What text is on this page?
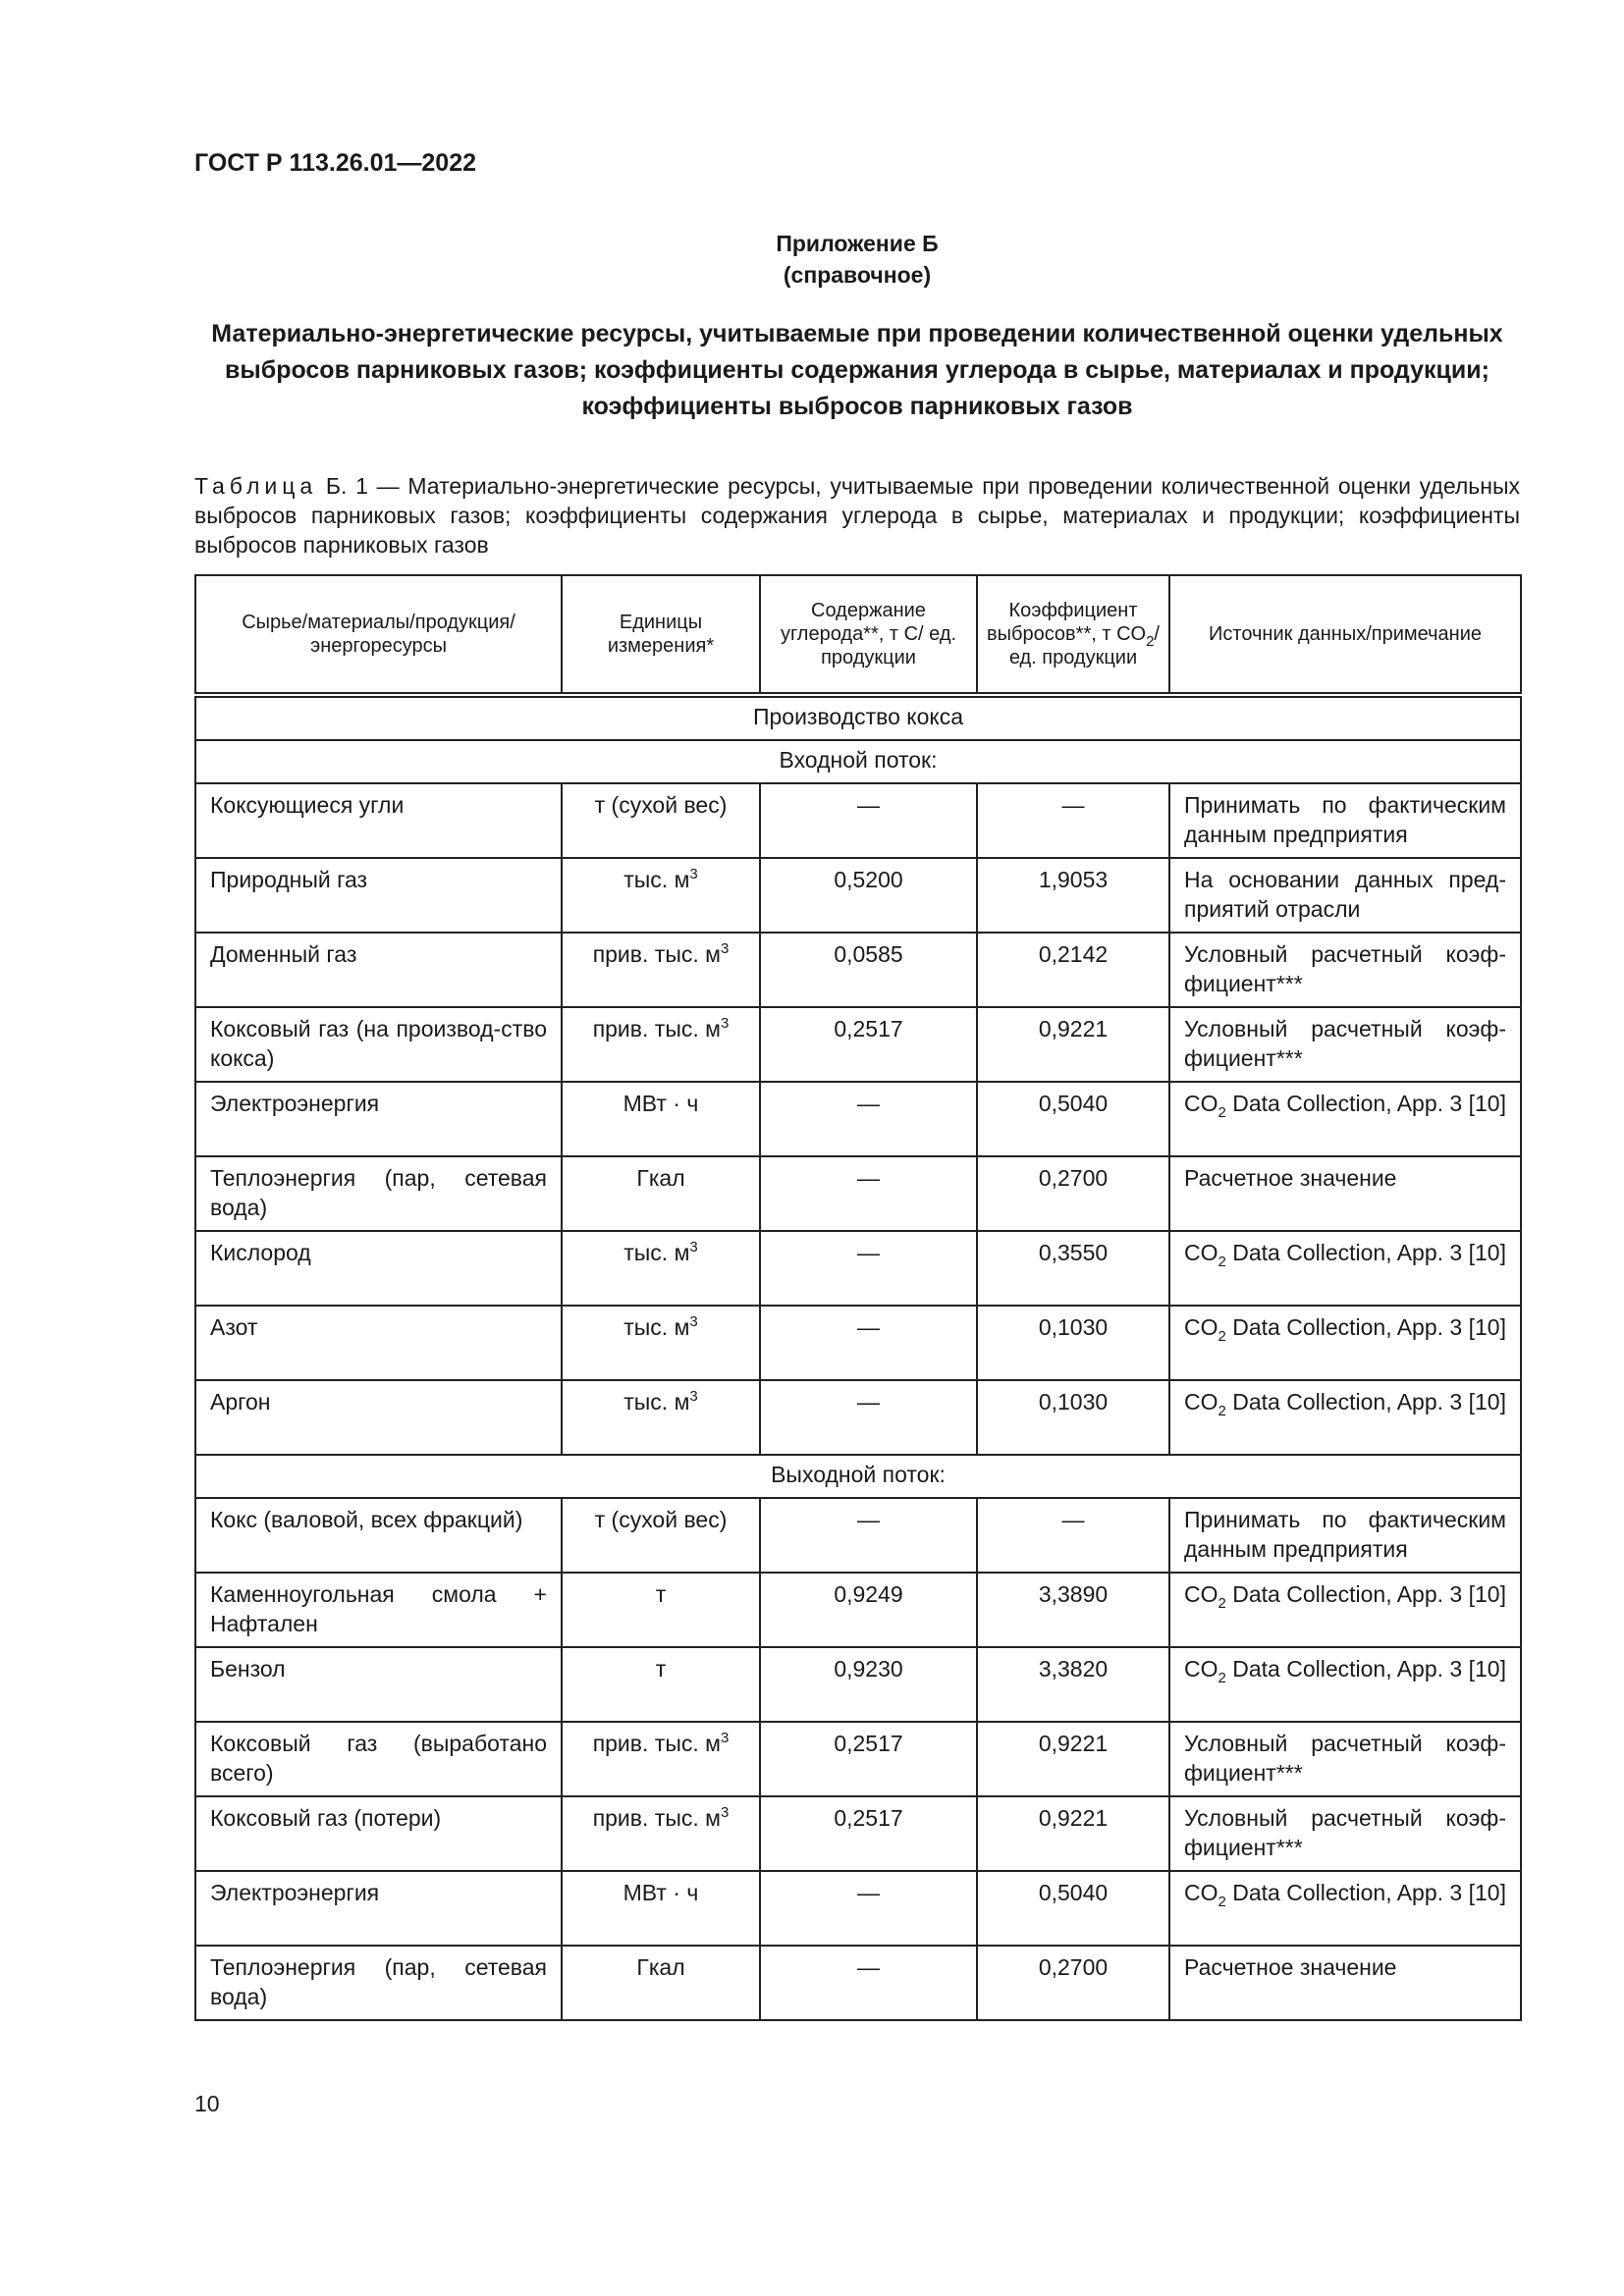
ГОСТ Р 113.26.01—2022
Приложение Б
(справочное)
Материально-энергетические ресурсы, учитываемые при проведении количественной оценки удельных выбросов парниковых газов; коэффициенты содержания углерода в сырье, материалах и продукции; коэффициенты выбросов парниковых газов
Таблица Б. 1 — Материально-энергетические ресурсы, учитываемые при проведении количественной оценки удельных выбросов парниковых газов; коэффициенты содержания углерода в сырье, материалах и продукции; коэффициенты выбросов парниковых газов
Сырье/материалы/продукция/ энергоресурсы	Единицы измерения*	Содержание углерода**, т С/ ед. продукции	Коэффициент выбросов**, т $CO_2/ед$. продукции	Источник данных/примечание
Производство кокса				
Входной поток:				
Коксующиеся угли	т (сухой вес)	—	—	Принимать по фактическим данным предприятия
Природный газ	тыс. $м^3$	0,5200	1,9053	На основании данных пред-приятий отрасли
Доменный газ	прив. тыс. $м^3$	0,0585	0,2142	Условный расчетный коэф-фициент***
Коксовый газ (на производ-ство кокса)	прив. тыс. $м^3$	0,2517	0,9221	Условный расчетный коэф-фициент***
Электроэнергия	МВт · ч	—	0,5040	$CO_2$ Data Collection, App. 3 [10]
Теплоэнергия (пар, сетевая вода)	Гкал	—	0,2700	Расчетное значение
Кислород	тыс. $м^3$	—	0,3550	$CO_2$ Data Collection, App. 3 [10]
Азот	тыс. $м^3$	—	0,1030	$CO_2$ Data Collection, App. 3 [10]
Аргон	тыс. $м^3$	—	0,1030	$CO_2$ Data Collection, App. 3 [10]
Выходной поток:				
Кокс (валовой, всех фракций)	т (сухой вес)	—	—	Принимать по фактическим данным предприятия
Каменноугольная смола + Нафтален	т	0,9249	3,3890	$CO_2$ Data Collection, App. 3 [10]
Бензол	т	0,9230	3,3820	$CO_2$ Data Collection, App. 3 [10]
Коксовый газ (выработано всего)	прив. тыс. $м^3$	0,2517	0,9221	Условный расчетный коэф-фициент***
Коксовый газ (потери)	прив. тыс. $м^3$	0,2517	0,9221	Условный расчетный коэф-фициент***
Электроэнергия	МВт · ч	—	0,5040	$CO_2$ Data Collection, App. 3 [10]
Теплоэнергия (пар, сетевая вода)	Гкал	—	0,2700	Расчетное значение
10
